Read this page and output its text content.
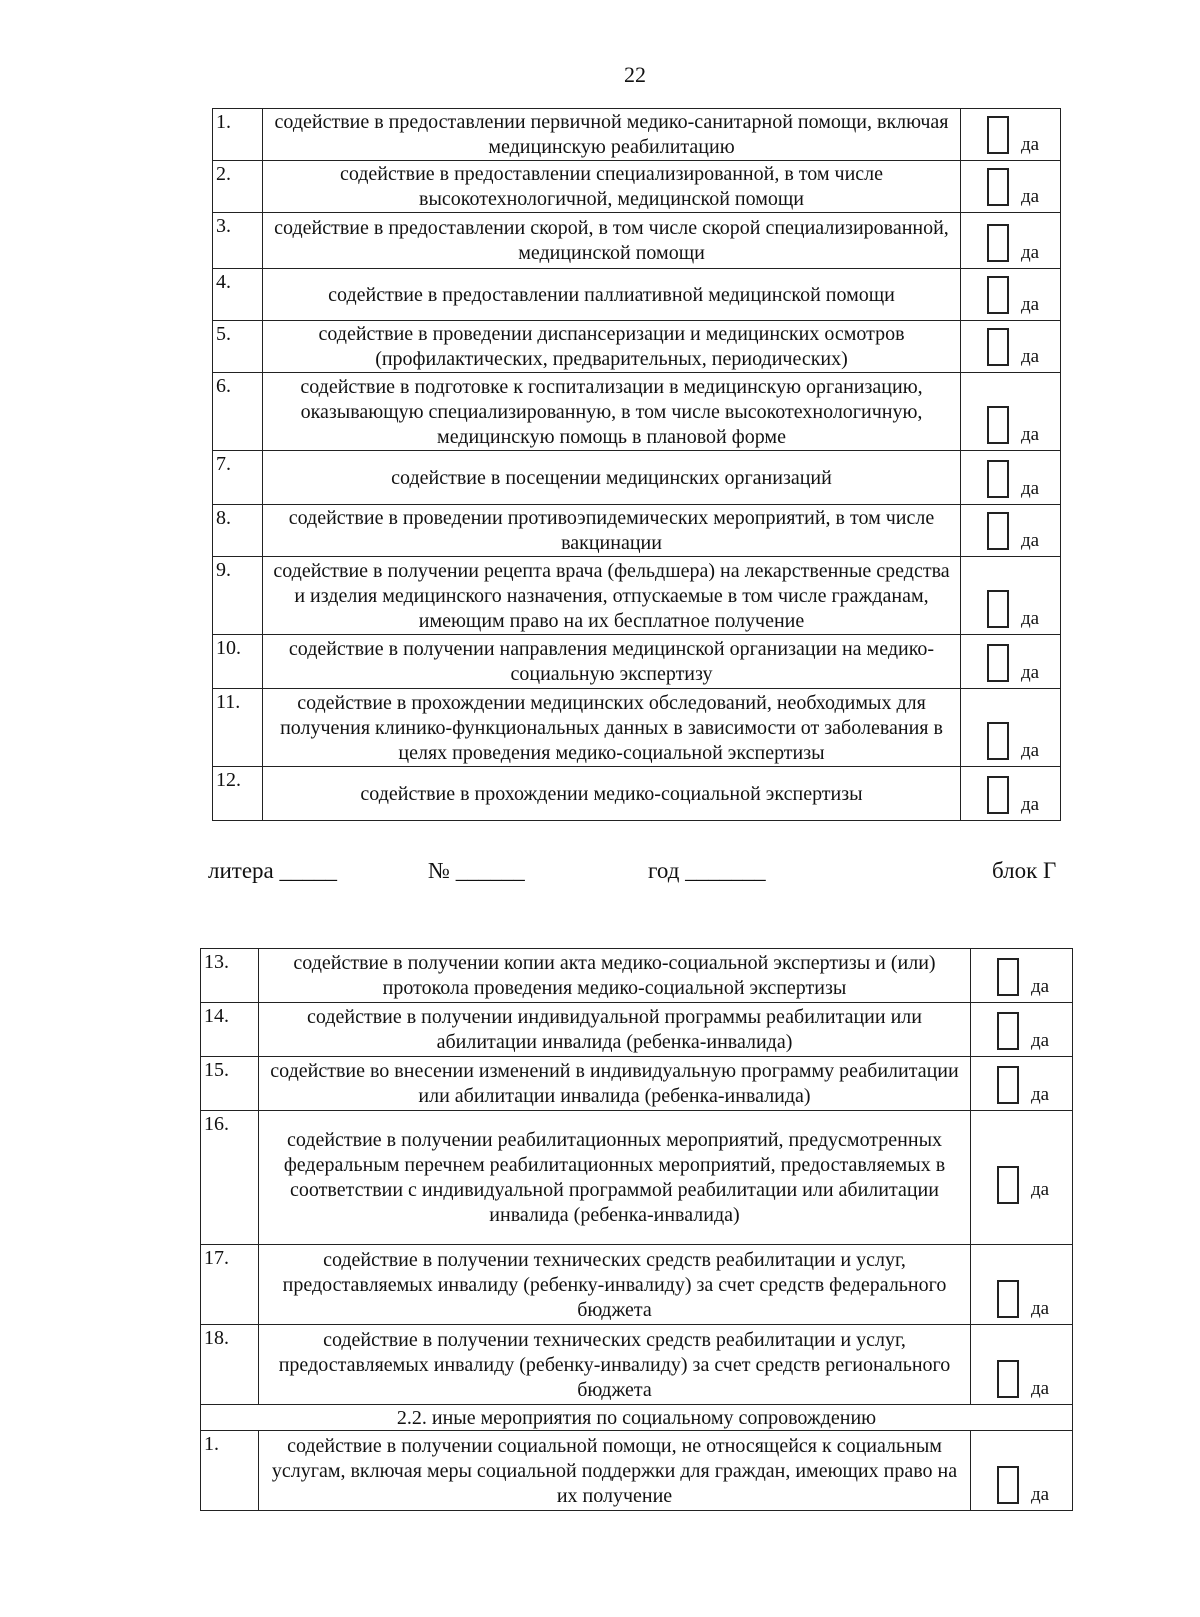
22
1.	содействие в предоставлении первичной медико-санитарной помощи, включая медицинскую реабилитацию	да

2.	содействие в предоставлении специализированной, в том числе высокотехнологичной, медицинской помощи	да

3.	содействие в предоставлении скорой, в том числе скорой специализированной, медицинской помощи	да

4.	содействие в предоставлении паллиативной медицинской помощи	да

5.	содействие в проведении диспансеризации и медицинских осмотров (профилактических, предварительных, периодических)	да

6.	содействие в подготовке к госпитализации в медицинскую организацию, оказывающую специализированную, в том числе высокотехнологичную, медицинскую помощь в плановой форме	да

7.	содействие в посещении медицинских организаций	да

8.	содействие в проведении противоэпидемических мероприятий, в том числе вакцинации	да

9.	содействие в получении рецепта врача (фельдшера) на лекарственные средства и изделия медицинского назначения, отпускаемые в том числе гражданам, имеющим право на их бесплатное получение	да

10.	содействие в получении направления медицинской организации на медико-социальную экспертизу	да

11.	содействие в прохождении медицинских обследований, необходимых для получения клинико-функциональных данных в зависимости от заболевания в целях проведения медико-социальной экспертизы	да

12.	содействие в прохождении медико-социальной экспертизы	да
литера _____	№ ______	год _______	блок Г
13.	содействие в получении копии акта медико-социальной экспертизы и (или) протокола проведения медико-социальной экспертизы	да

14.	содействие в получении индивидуальной программы реабилитации или абилитации инвалида (ребенка-инвалида)	да

15.	содействие во внесении изменений в индивидуальную программу реабилитации или абилитации инвалида (ребенка-инвалида)	да

16.	содействие в получении реабилитационных мероприятий, предусмотренных федеральным перечнем реабилитационных мероприятий, предоставляемых в соответствии с индивидуальной программой реабилитации или абилитации инвалида (ребенка-инвалида)	да

17.	содействие в получении технических средств реабилитации и услуг, предоставляемых инвалиду (ребенку-инвалиду) за счет средств федерального бюджета	да

18.	содействие в получении технических средств реабилитации и услуг, предоставляемых инвалиду (ребенку-инвалиду) за счет средств регионального бюджета	да

2.2. иные мероприятия по социальному сопровождению		
1.	содействие в получении социальной помощи, не относящейся к социальным услугам, включая меры социальной поддержки для граждан, имеющих право на их получение	да
